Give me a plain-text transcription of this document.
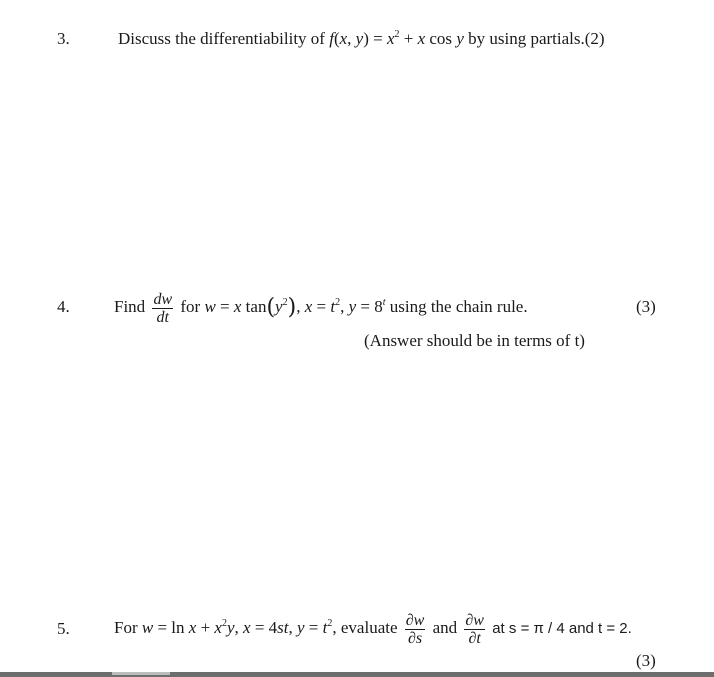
3.	Discuss the differentiability of f(x, $y) = x^2 + x$ cos y by using partials.(2)
4.	Find $\frac{dw}{dt}$ for w = x $\tan(y^2)$, $x = t^2$, $y = 8^t$ using the chain rule.	(3)
(Answer should be in terms of t)
5.	For $w = \ln x + x^2y$, x = 4st, $y = t^2$, evaluate $\frac{\partial w}{\partial s}$ and $\frac{\partial w}{\partial t}$ at s = π / 4 and t = 2.
(3)
